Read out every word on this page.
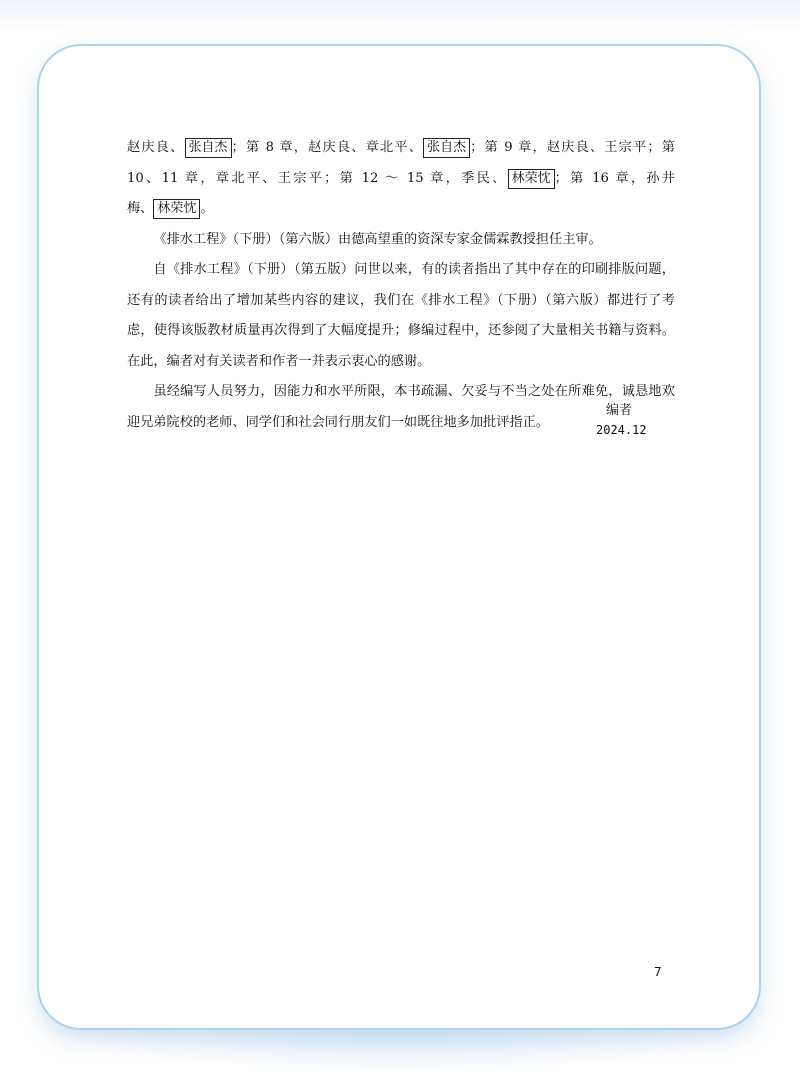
赵庆良、 张自杰 ；第 8 章，赵庆良、章北平、 张自杰 ；第 9 章，赵庆良、王宗平；第
10、11 章，章北平、王宗平；第 12 ～ 15 章，季民、 林荣忱 ；第 16 章，孙井
梅、 林荣忱 。

《排水工程》（下册）（第六版）由德高望重的资深专家金儒霖教授担任主审。

自《排水工程》（下册）（第五版）问世以来，有的读者指出了其中存在的印刷排版问题，还有的读者给出了增加某些内容的建议，我们在《排水工程》（下册）（第六版）都进行了考虑，使得该版教材质量再次得到了大幅度提升；修编过程中，还参阅了大量相关书籍与资料。在此，编者对有关读者和作者一并表示衷心的感谢。

虽经编写人员努力，因能力和水平所限，本书疏漏、欠妥与不当之处在所难免，诚恳地欢迎兄弟院校的老师、同学们和社会同行朋友们一如既往地多加批评指正。

编者
2024.12
7
